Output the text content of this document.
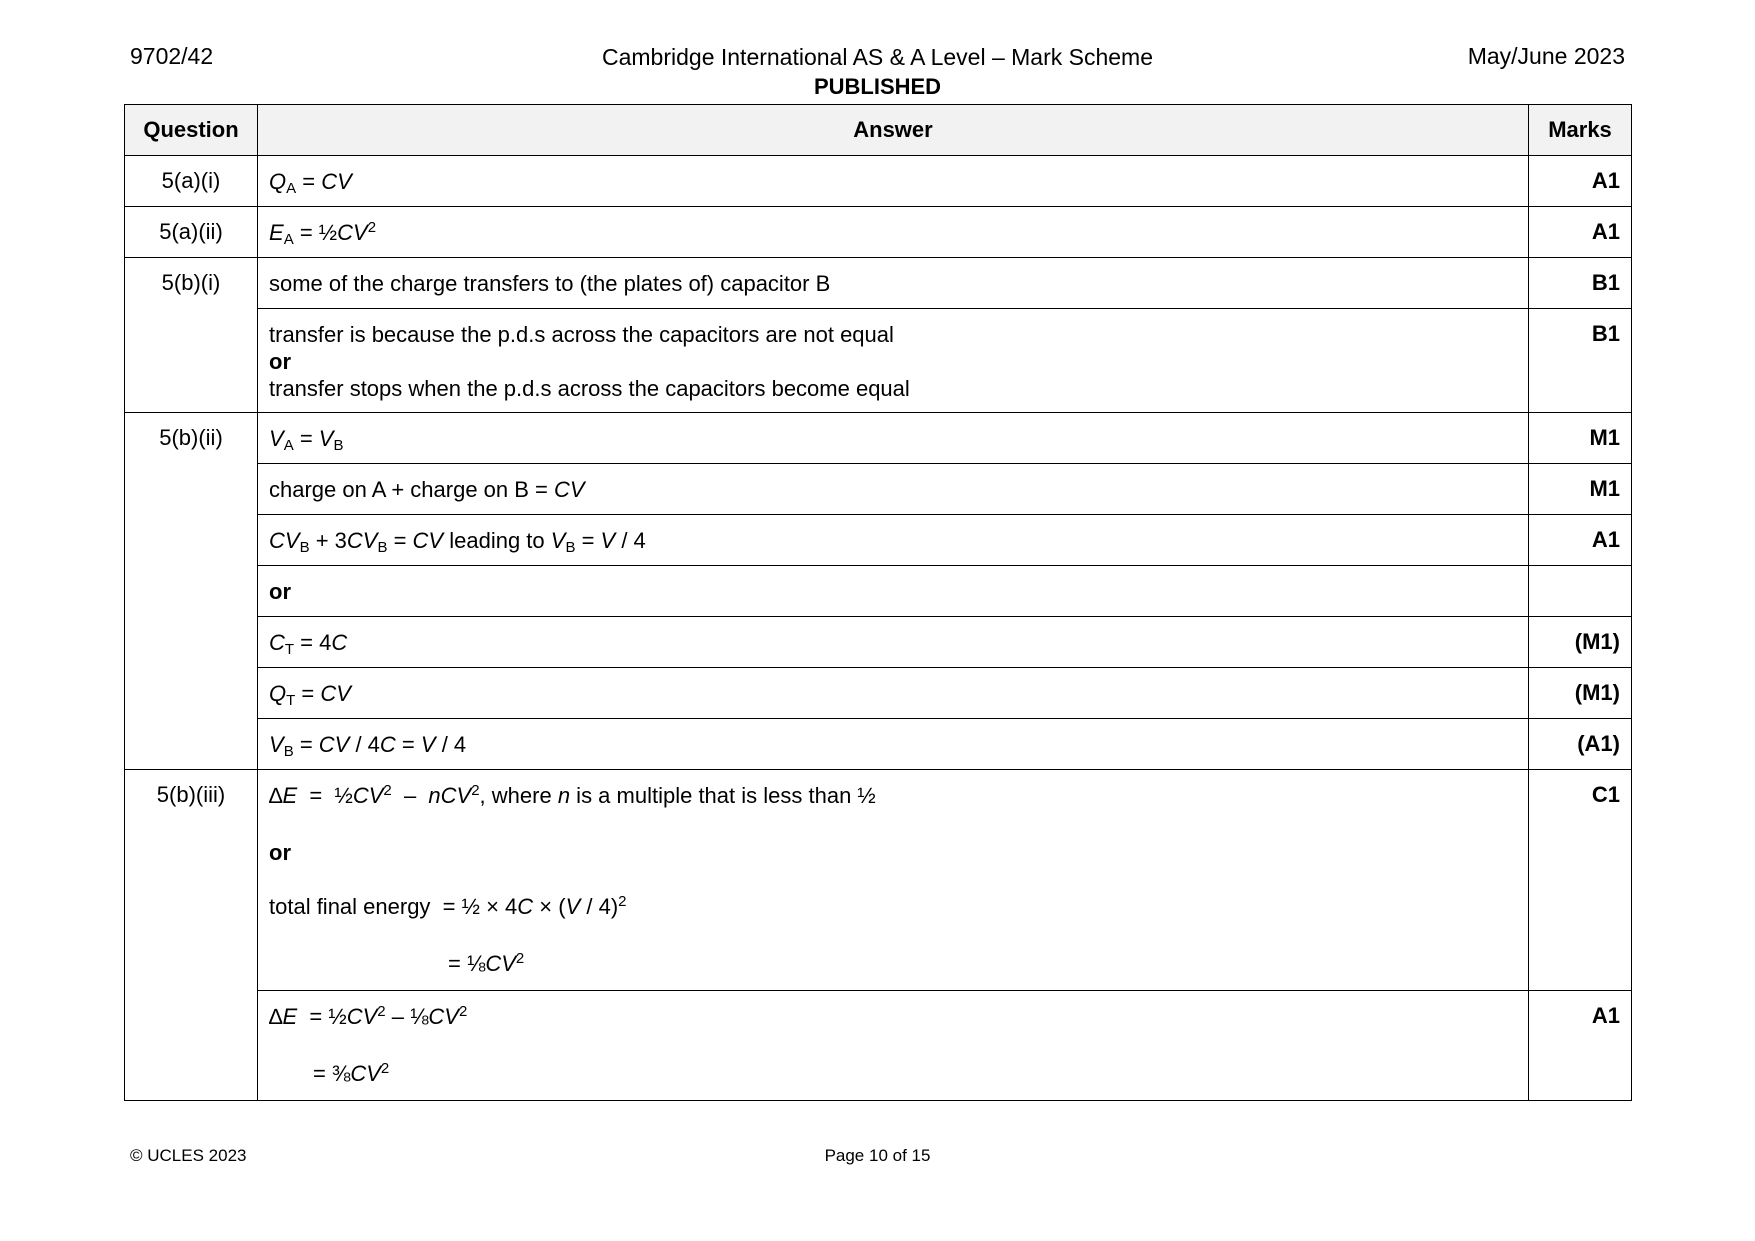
9702/42	Cambridge International AS & A Level – Mark Scheme
PUBLISHED
May/June 2023
Question	Answer	Marks
5(a)(i)	$Q_A$ = CV	A1
5(a)(ii)	$E_A$ = $\frac{1}{2}CV^2$	A1
5(b)(i)	some of the charge transfers to (the plates of) capacitor B	B1

	transfer is because the p.d.s across the capacitors are not equal
or
transfer stops when the p.d.s across the capacitors become equal	B1
5(b)(ii)	$V_A = V_B$	M1
	charge on A + charge on B = CV	M1
	$CV_B + 3CV_B$ = CV leading to $V_B = V / 4$	A1
	or	
	$C_T = 4C$	(M1)
	$Q_T$ = CV	(M1)
	$V_B$ = CV / 4C = V / 4	(A1)
5(b)(iii)	$\Delta E = \frac{1}{2}CV^2 - nCV^2$, where n is a multiple that is less than ½
or
total final energy  = ½ × 4C × (V / 4)$^2$
= $\frac{1}{8}CV^2$	C1

	$\Delta E = \frac{1}{2}CV^2$ – $\frac{1}{8}CV^2$
= $\frac{3}{8}CV^2$	A1
© UCLES 2023	Page 10 of 15
